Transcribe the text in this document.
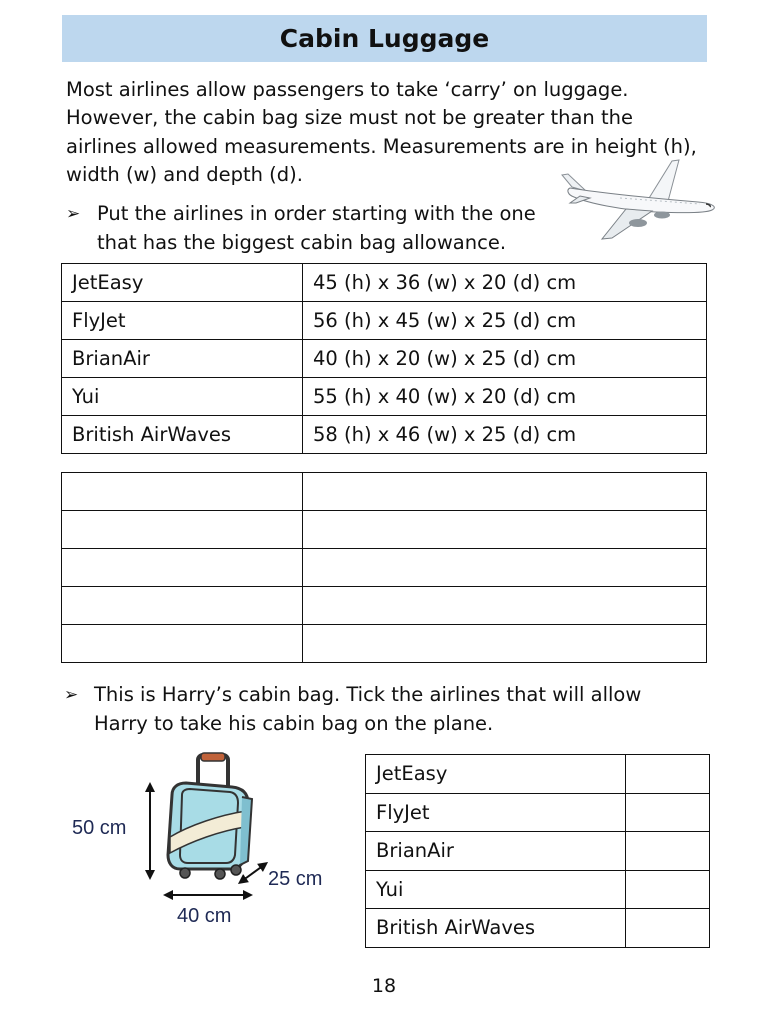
Cabin Luggage
Most airlines allow passengers to take ‘carry’ on luggage. However, the cabin bag size must not be greater than the airlines allowed measurements. Measurements are in height (h), width (w) and depth (d).
➢ Put the airlines in order starting with the one
that has the biggest cabin bag allowance.
JetEasy	45 (h) x 36 (w) x 20 (d) cm
FlyJet	56 (h) x 45 (w) x 25 (d) cm
BrianAir	40 (h) x 20 (w) x 25 (d) cm
Yui	55 (h) x 40 (w) x 20 (d) cm
British AirWaves	58 (h) x 46 (w) x 25 (d) cm

➢ This is Harry’s cabin bag. Tick the airlines that will allow
Harry to take his cabin bag on the plane.
50 cm
40 cm
25 cm
JetEasy	
FlyJet	
BrianAir	
Yui	
British AirWaves	
18
